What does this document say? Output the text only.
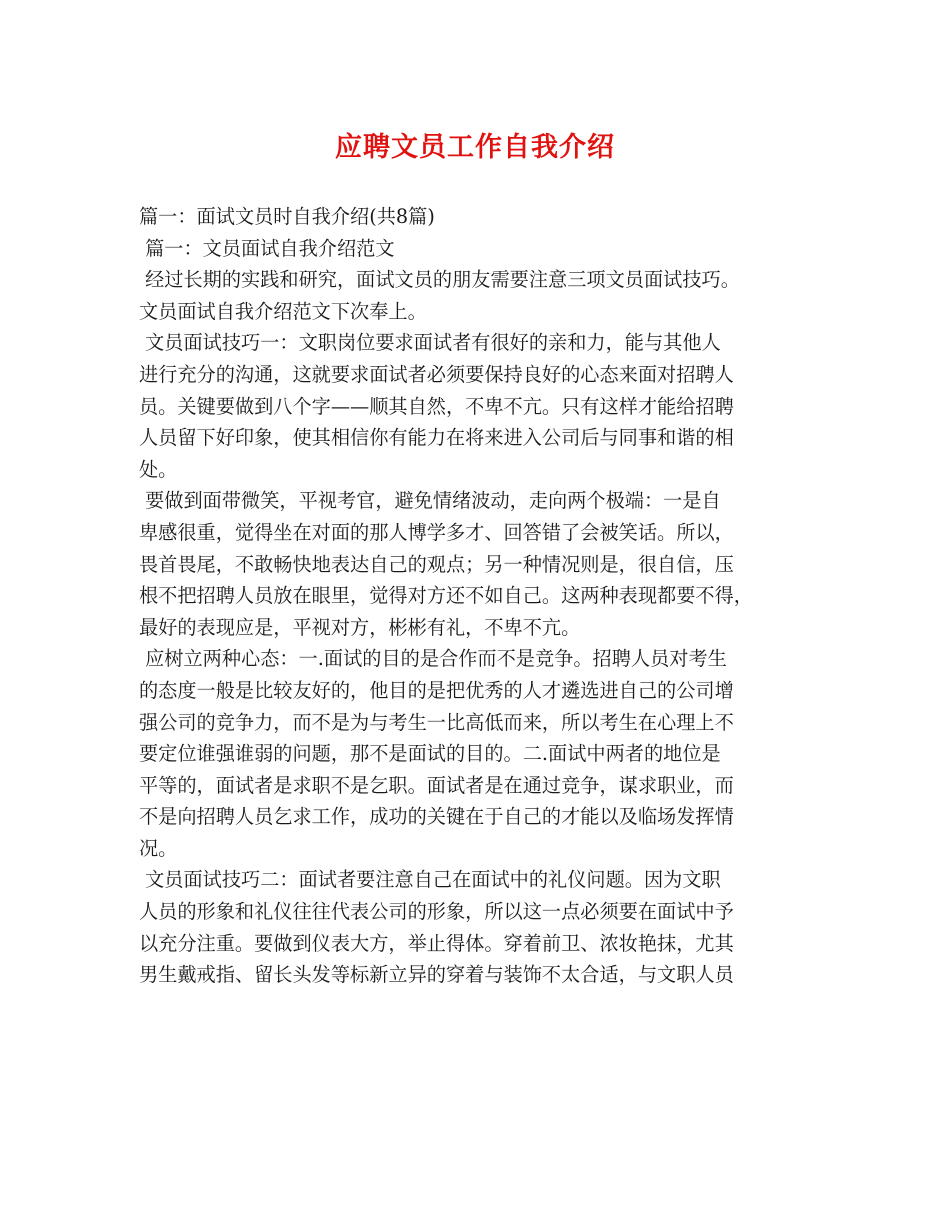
应聘文员工作自我介绍
篇一：面试文员时自我介绍(共8篇)
篇一：文员面试自我介绍范文
经过长期的实践和研究，面试文员的朋友需要注意三项文员面试技巧。
文员面试自我介绍范文下次奉上。
文员面试技巧一：文职岗位要求面试者有很好的亲和力，能与其他人
进行充分的沟通，这就要求面试者必须要保持良好的心态来面对招聘人
员。关键要做到八个字——顺其自然，不卑不亢。只有这样才能给招聘
人员留下好印象，使其相信你有能力在将来进入公司后与同事和谐的相
处。
要做到面带微笑，平视考官，避免情绪波动，走向两个极端：一是自
卑感很重，觉得坐在对面的那人博学多才、回答错了会被笑话。所以，
畏首畏尾，不敢畅快地表达自己的观点；另一种情况则是，很自信，压
根不把招聘人员放在眼里，觉得对方还不如自己。这两种表现都要不得，
最好的表现应是，平视对方，彬彬有礼，不卑不亢。
应树立两种心态：一.面试的目的是合作而不是竞争。招聘人员对考生
的态度一般是比较友好的，他目的是把优秀的人才遴选进自己的公司增
强公司的竞争力，而不是为与考生一比高低而来，所以考生在心理上不
要定位谁强谁弱的问题，那不是面试的目的。二.面试中两者的地位是
平等的，面试者是求职不是乞职。面试者是在通过竞争，谋求职业，而
不是向招聘人员乞求工作，成功的关键在于自己的才能以及临场发挥情
况。
文员面试技巧二：面试者要注意自己在面试中的礼仪问题。因为文职
人员的形象和礼仪往往代表公司的形象，所以这一点必须要在面试中予
以充分注重。要做到仪表大方，举止得体。穿着前卫、浓妆艳抹，尤其
男生戴戒指、留长头发等标新立异的穿着与装饰不太合适，与文职人员
